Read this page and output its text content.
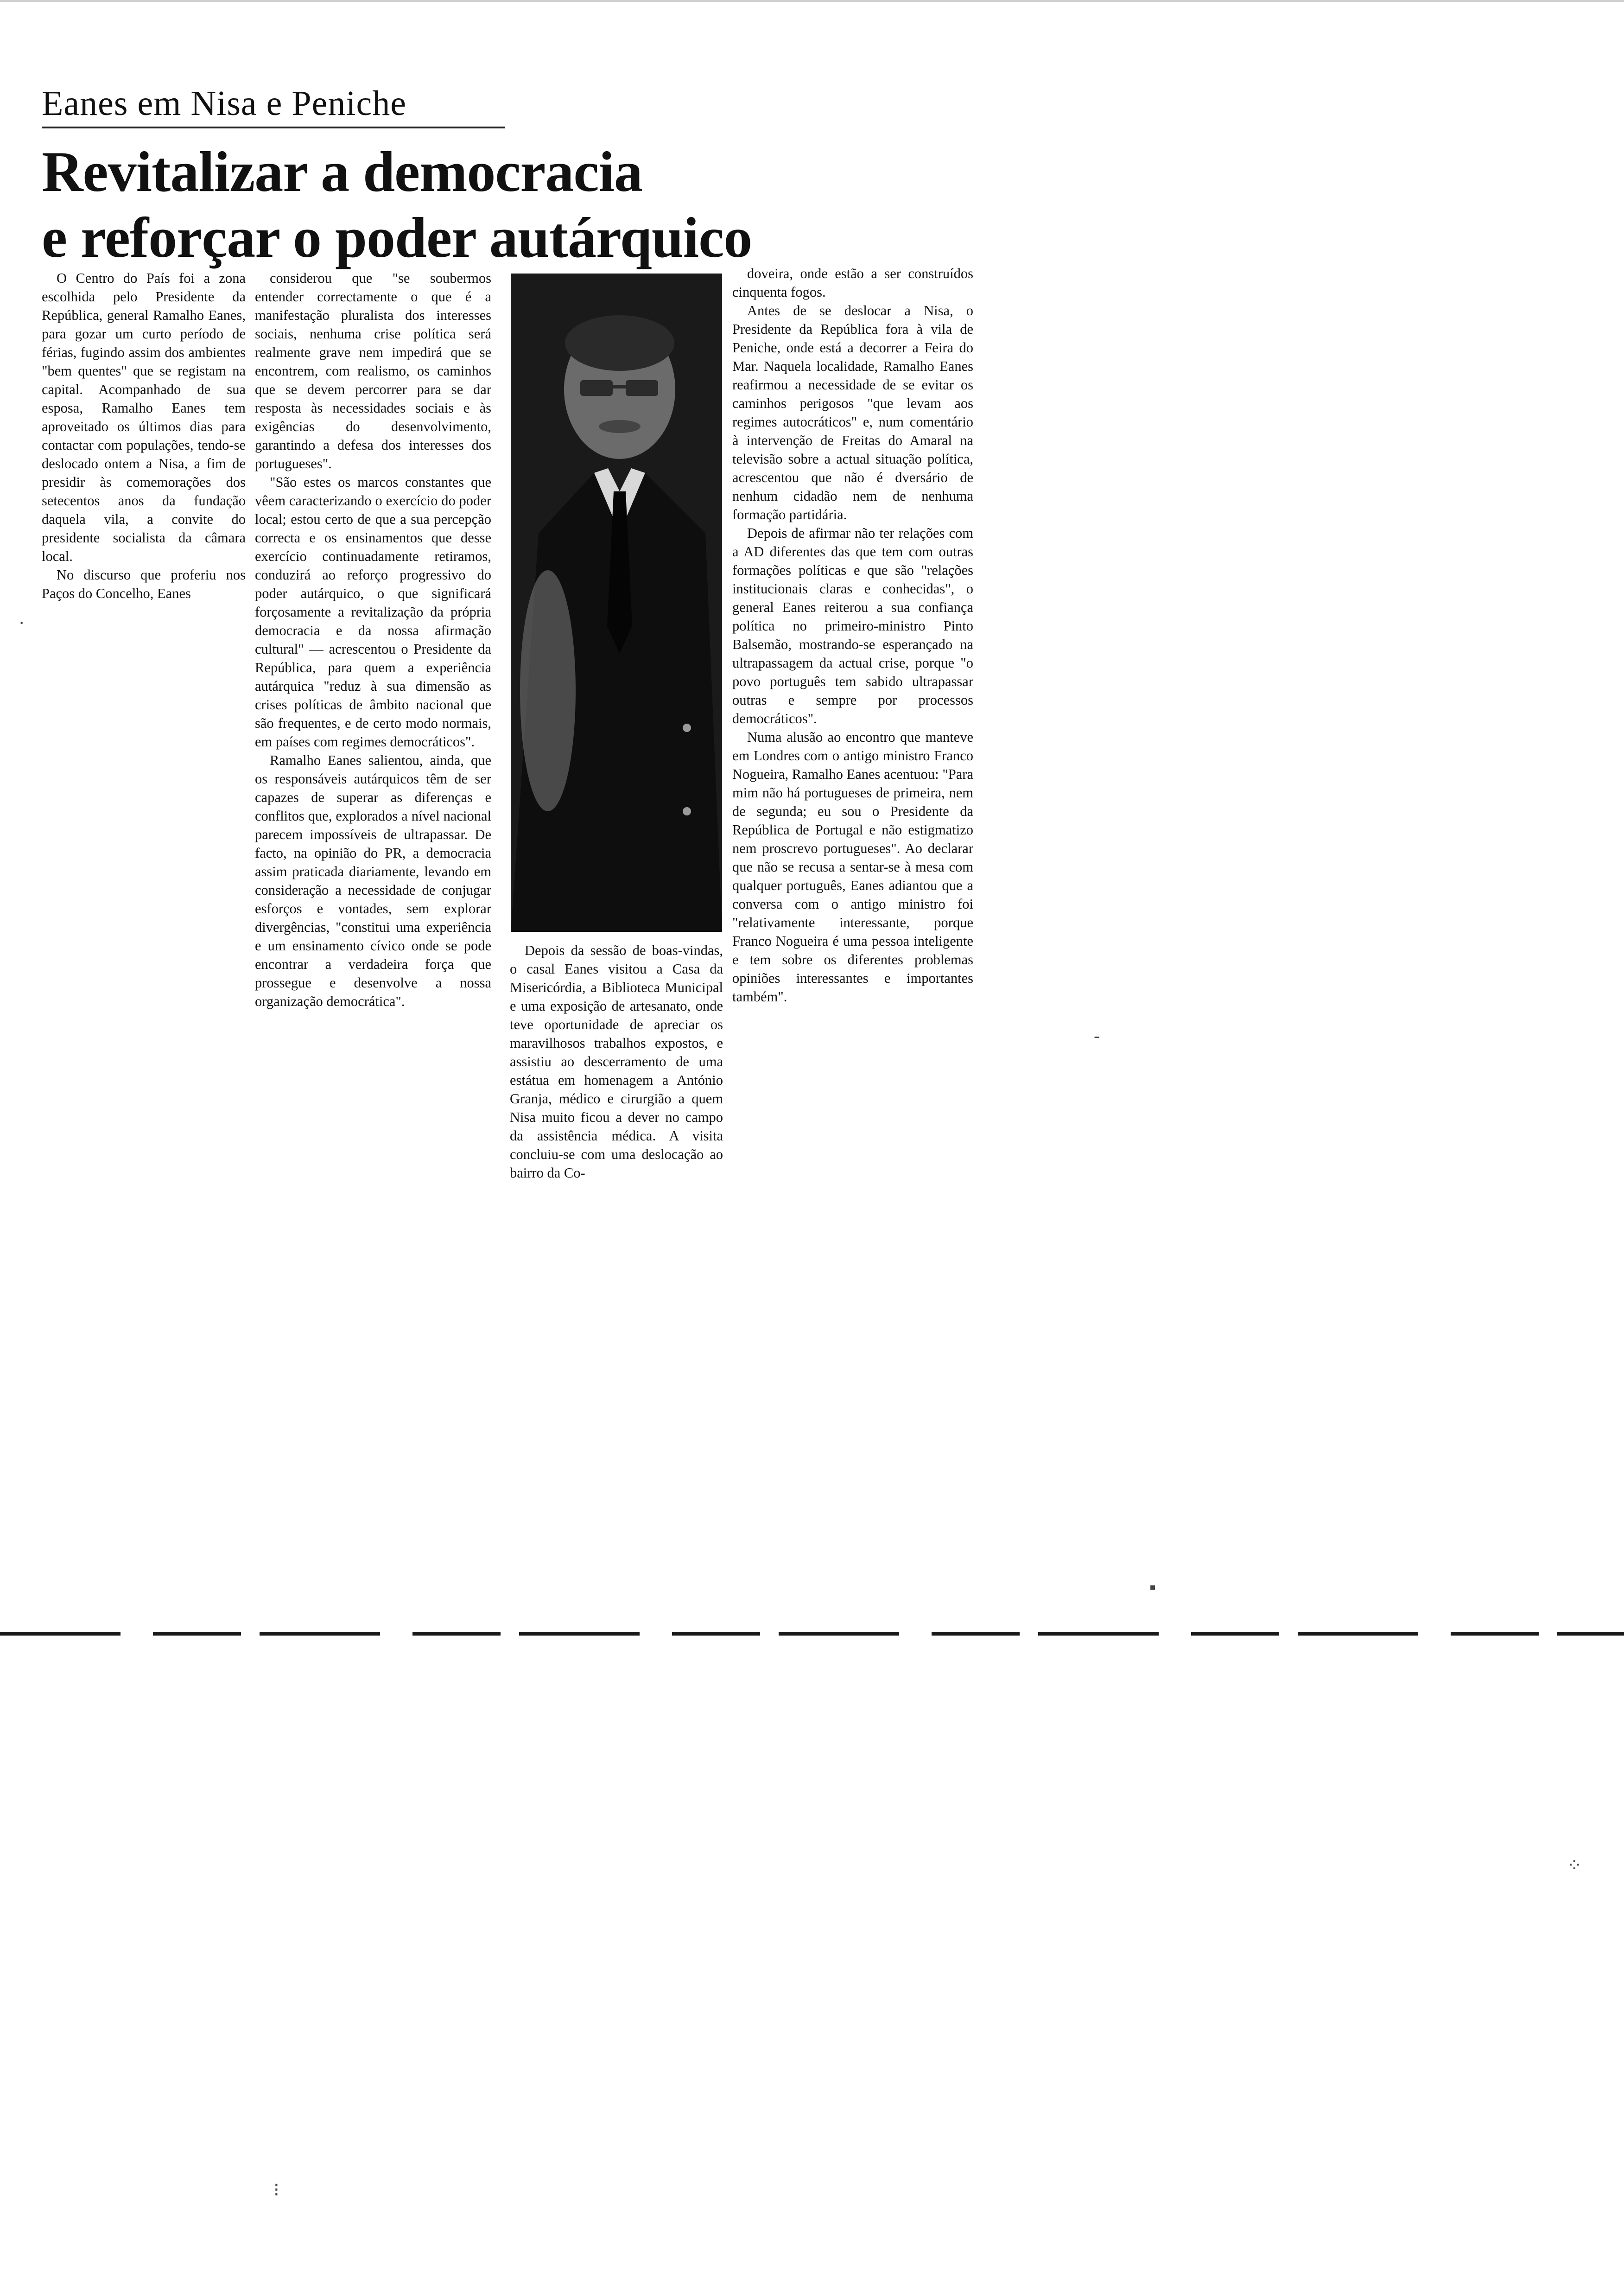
Eanes em Nisa e Peniche
Revitalizar a democracia
e reforçar o poder autárquico

O Centro do País foi a zona escolhida pelo Presidente da República, general Ramalho Eanes, para gozar um curto período de férias, fugindo assim dos ambientes "bem quentes" que se registam na capital. Acompanhado de sua esposa, Ramalho Eanes tem aproveitado os últimos dias para contactar com populações, tendo-se deslocado ontem a Nisa, a fim de presidir às comemorações dos setecentos anos da fundação daquela vila, a convite do presidente socialista da câmara local.

No discurso que proferiu nos Paços do Concelho, Eanes

considerou que "se soubermos entender correctamente o que é a manifestação pluralista dos interesses sociais, nenhuma crise política será realmente grave nem impedirá que se encontrem, com realismo, os caminhos que se devem percorrer para se dar resposta às necessidades sociais e às exigências do desenvolvimento, garantindo a defesa dos interesses dos portugueses".

"São estes os marcos constantes que vêem caracterizando o exercício do poder local; estou certo de que a sua percepção correcta e os ensinamentos que desse exercício continuadamente retiramos, conduzirá ao reforço progressivo do poder autárquico, o que significará forçosamente a revitalização da própria democracia e da nossa afirmação cultural" — acrescentou o Presidente da República, para quem a experiência autárquica "reduz à sua dimensão as crises políticas de âmbito nacional que são frequentes, e de certo modo normais, em países com regimes democráticos".

Ramalho Eanes salientou, ainda, que os responsáveis autárquicos têm de ser capazes de superar as diferenças e conflitos que, explorados a nível nacional parecem impossíveis de ultrapassar. De facto, na opinião do PR, a democracia assim praticada diariamente, levando em consideração a necessidade de conjugar esforços e vontades, sem explorar divergências, "constitui uma experiência e um ensinamento cívico onde se pode encontrar a verdadeira força que prossegue e desenvolve a nossa organização democrática".

Depois da sessão de boas-vindas, o casal Eanes visitou a Casa da Misericórdia, a Biblioteca Municipal e uma exposição de artesanato, onde teve oportunidade de apreciar os maravilhosos trabalhos expostos, e assistiu ao descerramento de uma estátua em homenagem a António Granja, médico e cirurgião a quem Nisa muito ficou a dever no campo da assistência médica. A visita concluiu-se com uma deslocação ao bairro da Co-

doveira, onde estão a ser construídos cinquenta fogos.

Antes de se deslocar a Nisa, o Presidente da República fora à vila de Peniche, onde está a decorrer a Feira do Mar. Naquela localidade, Ramalho Eanes reafirmou a necessidade de se evitar os caminhos perigosos "que levam aos regimes autocráticos" e, num comentário à intervenção de Freitas do Amaral na televisão sobre a actual situação política, acrescentou que não é dversário de nenhum cidadão nem de nenhuma formação partidária.

Depois de afirmar não ter relações com a AD diferentes das que tem com outras formações políticas e que são "relações institucionais claras e conhecidas", o general Eanes reiterou a sua confiança política no primeiro-ministro Pinto Balsemão, mostrando-se esperançado na ultrapassagem da actual crise, porque "o povo português tem sabido ultrapassar outras e sempre por processos democráticos".

Numa alusão ao encontro que manteve em Londres com o antigo ministro Franco Nogueira, Ramalho Eanes acentuou: "Para mim não há portugueses de primeira, nem de segunda; eu sou o Presidente da República de Portugal e não estigmatizo nem proscrevo portugueses". Ao declarar que não se recusa a sentar-se à mesa com qualquer português, Eanes adiantou que a conversa com o antigo ministro foi "relativamente interessante, porque Franco Nogueira é uma pessoa inteligente e tem sobre os diferentes problemas opiniões interessantes e importantes também".

·
‑
▪
⁘
⁝
